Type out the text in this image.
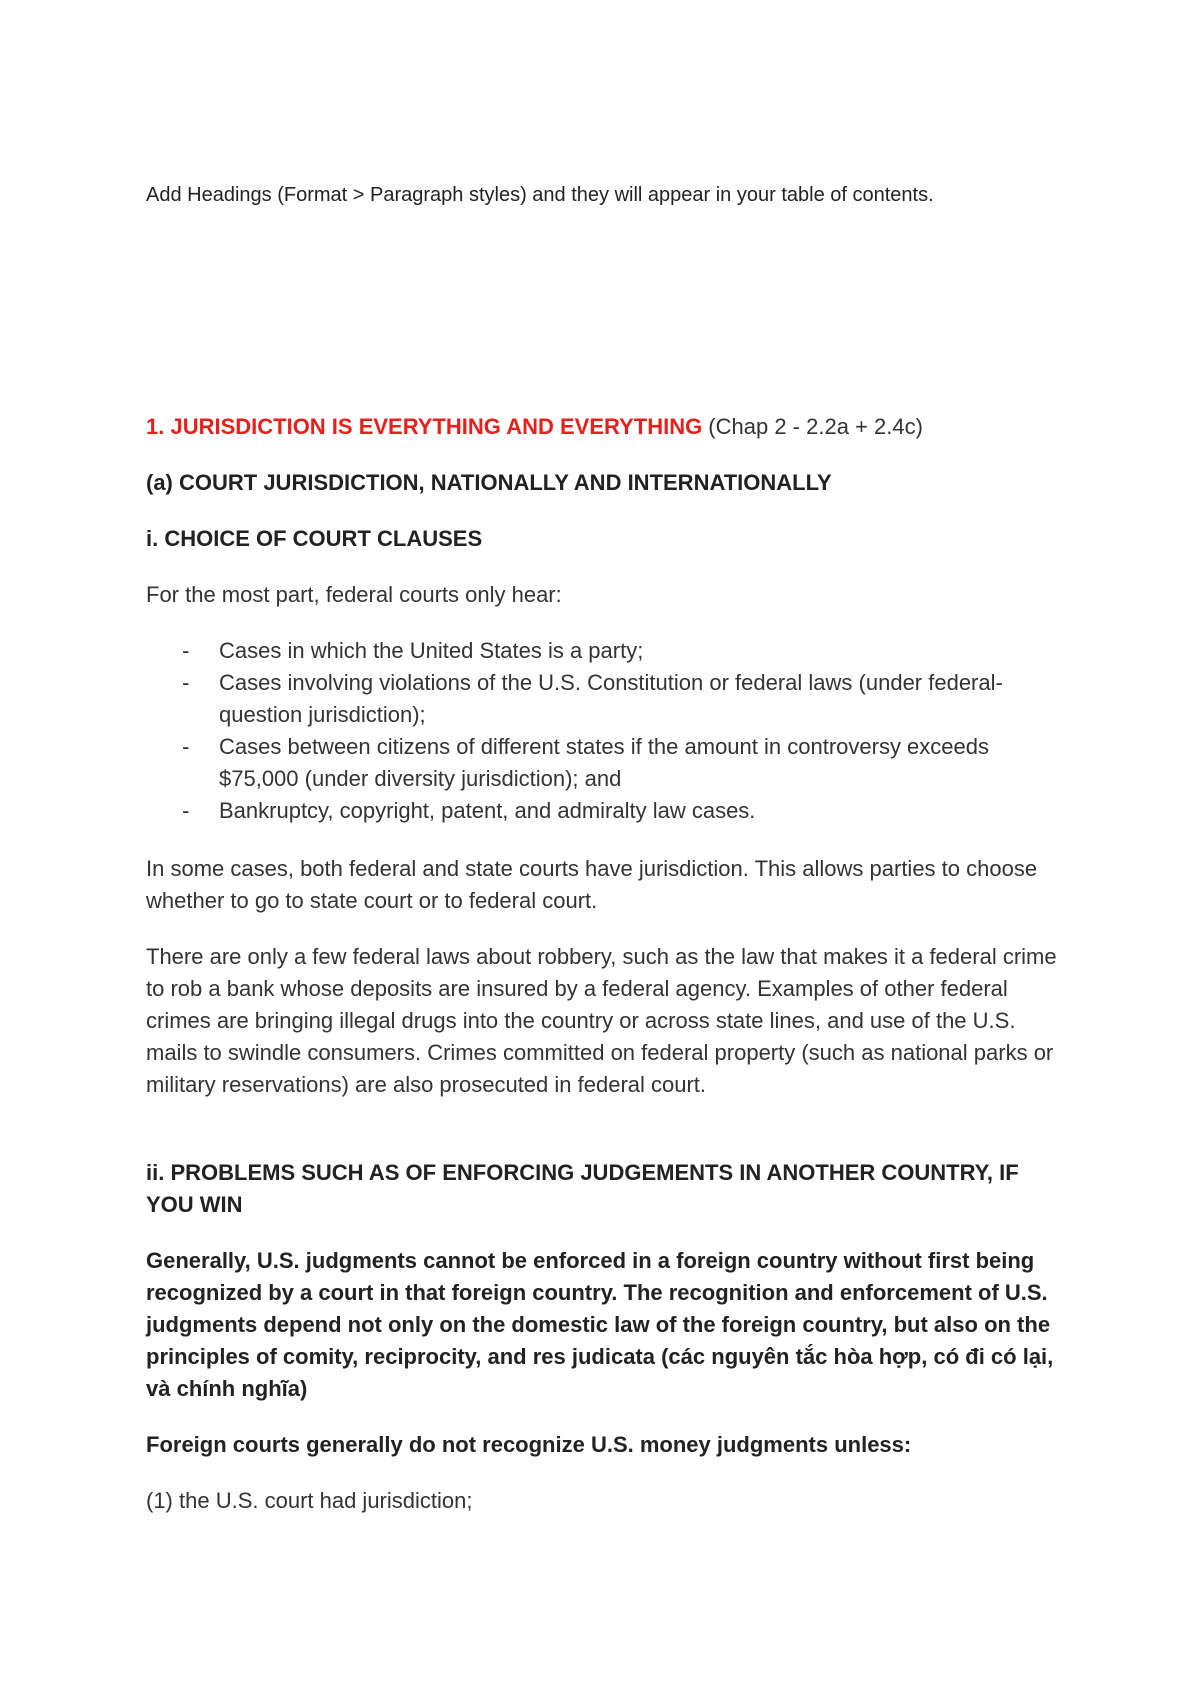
Add Headings (Format > Paragraph styles) and they will appear in your table of contents.
1. JURISDICTION IS EVERYTHING AND EVERYTHING (Chap 2 - 2.2a + 2.4c)
(a) COURT JURISDICTION, NATIONALLY AND INTERNATIONALLY
i. CHOICE OF COURT CLAUSES
For the most part, federal courts only hear:
- Cases in which the United States is a party;
- Cases involving violations of the U.S. Constitution or federal laws (under federal-question jurisdiction);
- Cases between citizens of different states if the amount in controversy exceeds $75,000 (under diversity jurisdiction); and
- Bankruptcy, copyright, patent, and admiralty law cases.
In some cases, both federal and state courts have jurisdiction. This allows parties to choose whether to go to state court or to federal court.
There are only a few federal laws about robbery, such as the law that makes it a federal crime to rob a bank whose deposits are insured by a federal agency. Examples of other federal crimes are bringing illegal drugs into the country or across state lines, and use of the U.S. mails to swindle consumers. Crimes committed on federal property (such as national parks or military reservations) are also prosecuted in federal court.
ii. PROBLEMS SUCH AS OF ENFORCING JUDGEMENTS IN ANOTHER COUNTRY, IF YOU WIN
Generally, U.S. judgments cannot be enforced in a foreign country without first being recognized by a court in that foreign country. The recognition and enforcement of U.S. judgments depend not only on the domestic law of the foreign country, but also on the principles of comity, reciprocity, and res judicata (các nguyên tắc hòa hợp, có đi có lại, và chính nghĩa)
Foreign courts generally do not recognize U.S. money judgments unless:
(1) the U.S. court had jurisdiction;
